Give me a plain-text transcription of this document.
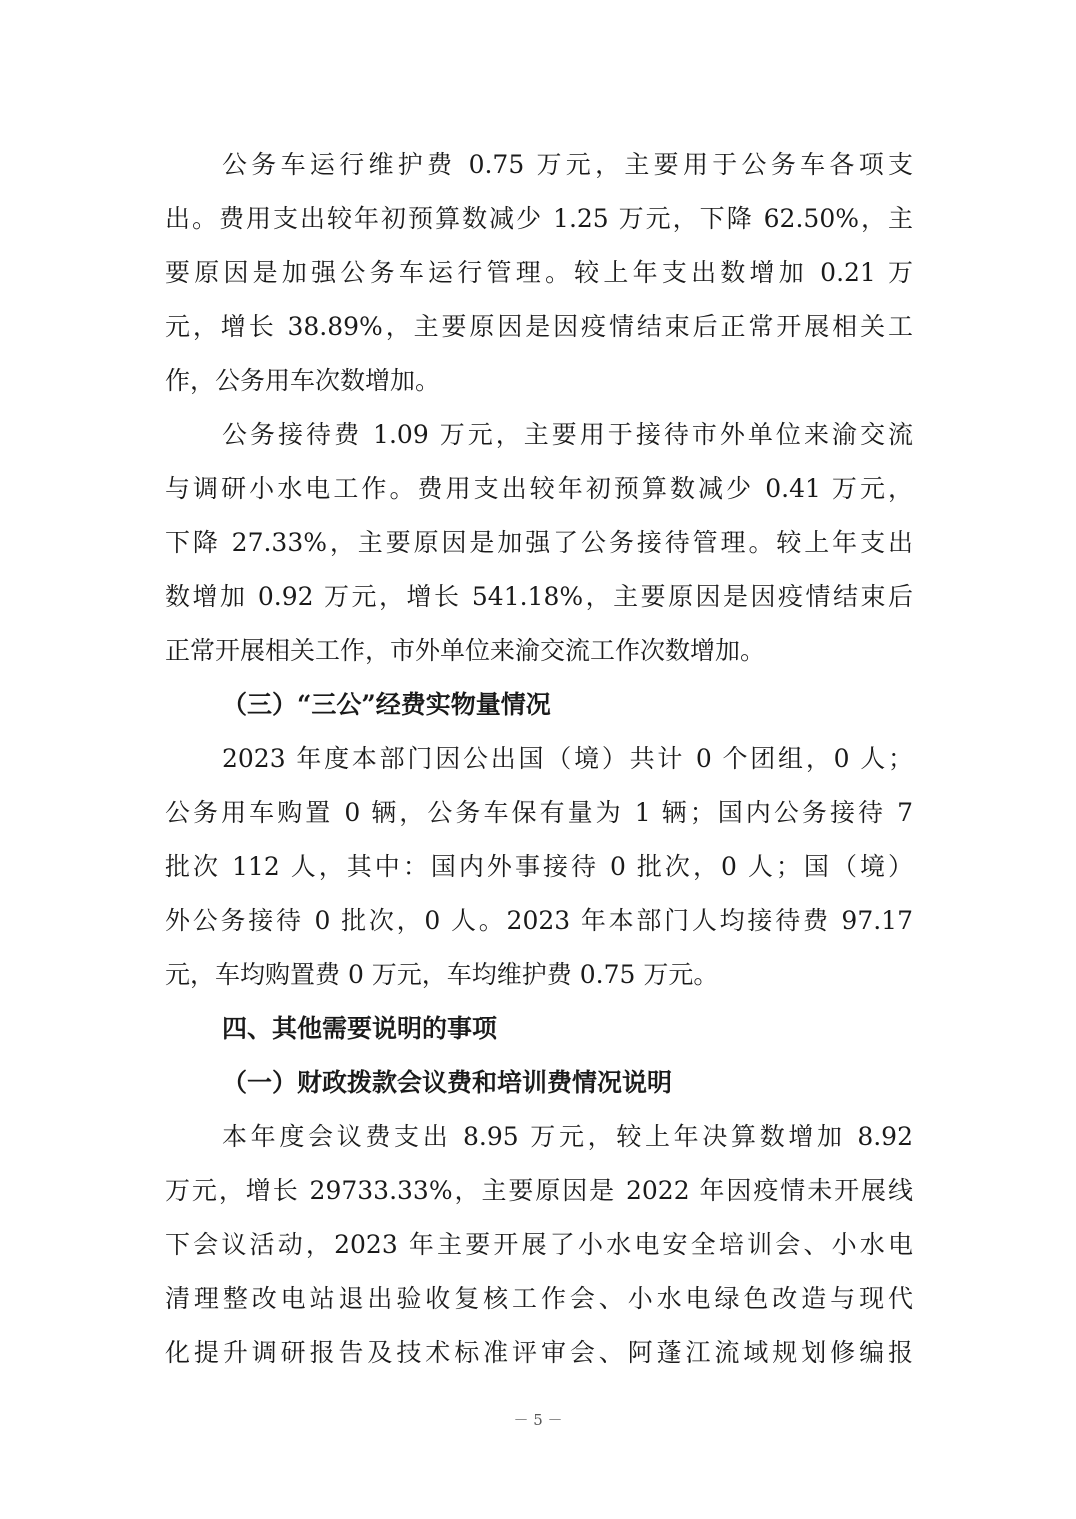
公务车运行维护费 0.75 万元，主要用于公务车各项支
出。费用支出较年初预算数减少 1.25 万元，下降 62.50%，主
要原因是加强公务车运行管理。较上年支出数增加 0.21 万
元，增长 38.89%，主要原因是因疫情结束后正常开展相关工
作，公务用车次数增加。
公务接待费 1.09 万元，主要用于接待市外单位来渝交流
与调研小水电工作。费用支出较年初预算数减少 0.41 万元，
下降 27.33%，主要原因是加强了公务接待管理。较上年支出
数增加 0.92 万元，增长 541.18%，主要原因是因疫情结束后
正常开展相关工作，市外单位来渝交流工作次数增加。
（三）“三公”经费实物量情况
2023 年度本部门因公出国（境）共计 0 个团组，0 人；
公务用车购置 0 辆，公务车保有量为 1 辆；国内公务接待 7
批次 112 人，其中：国内外事接待 0 批次，0 人；国（境）
外公务接待 0 批次，0 人。2023 年本部门人均接待费 97.17
元，车均购置费 0 万元，车均维护费 0.75 万元。
四、其他需要说明的事项
（一）财政拨款会议费和培训费情况说明
本年度会议费支出 8.95 万元，较上年决算数增加 8.92
万元，增长 29733.33%，主要原因是 2022 年因疫情未开展线
下会议活动，2023 年主要开展了小水电安全培训会、小水电
清理整改电站退出验收复核工作会、小水电绿色改造与现代
化提升调研报告及技术标准评审会、阿蓬江流域规划修编报
－ 5 －
